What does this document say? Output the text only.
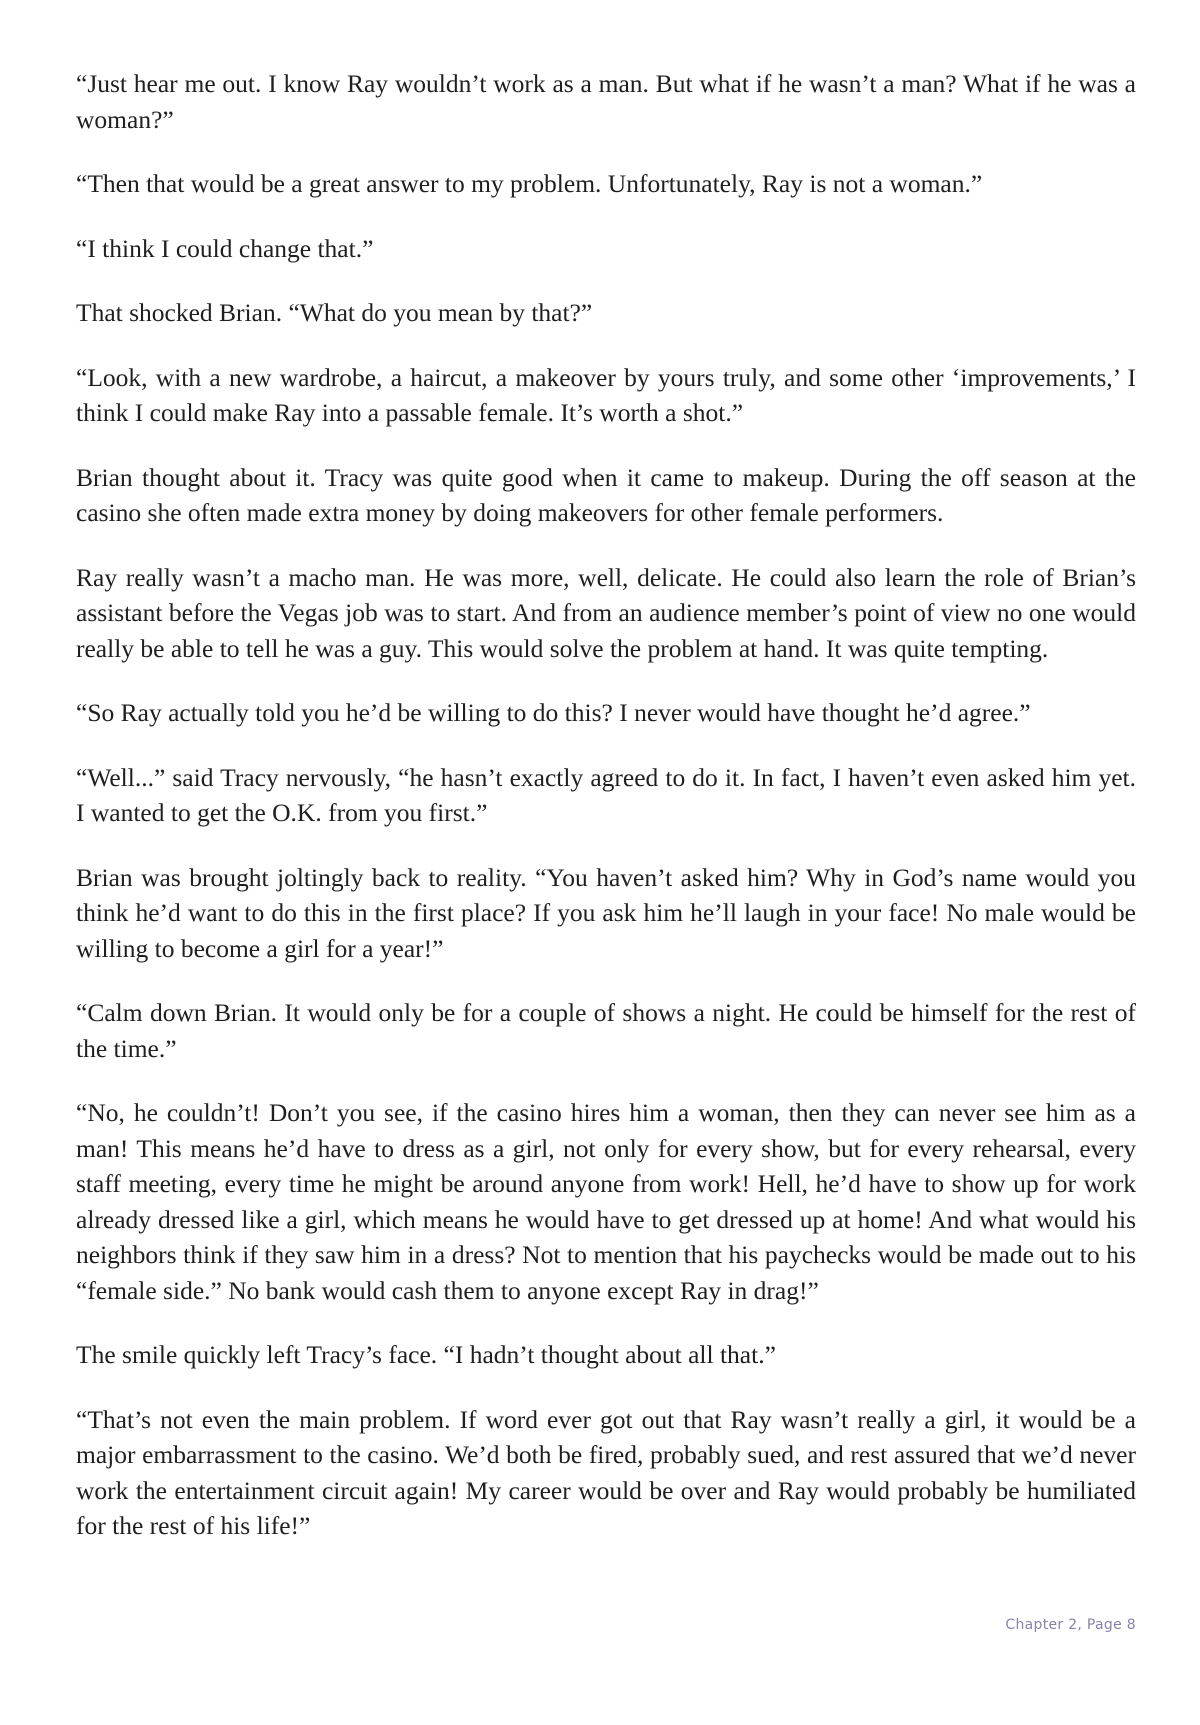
“Just hear me out. I know Ray wouldn’t work as a man. But what if he wasn’t a man? What if he was a woman?”

“Then that would be a great answer to my problem. Unfortunately, Ray is not a woman.”

“I think I could change that.”

That shocked Brian. “What do you mean by that?”

“Look, with a new wardrobe, a haircut, a makeover by yours truly, and some other ‘improvements,’ I think I could make Ray into a passable female. It’s worth a shot.”

Brian thought about it. Tracy was quite good when it came to makeup. During the off season at the casino she often made extra money by doing makeovers for other female performers.

Ray really wasn’t a macho man. He was more, well, delicate. He could also learn the role of Brian’s assistant before the Vegas job was to start. And from an audience member’s point of view no one would really be able to tell he was a guy. This would solve the problem at hand. It was quite tempting.

“So Ray actually told you he’d be willing to do this? I never would have thought he’d agree.”

“Well...” said Tracy nervously, “he hasn’t exactly agreed to do it. In fact, I haven’t even asked him yet. I wanted to get the O.K. from you first.”

Brian was brought joltingly back to reality. “You haven’t asked him? Why in God’s name would you think he’d want to do this in the first place? If you ask him he’ll laugh in your face! No male would be willing to become a girl for a year!”

“Calm down Brian. It would only be for a couple of shows a night. He could be himself for the rest of the time.”

“No, he couldn’t! Don’t you see, if the casino hires him a woman, then they can never see him as a man! This means he’d have to dress as a girl, not only for every show, but for every rehearsal, every staff meeting, every time he might be around anyone from work! Hell, he’d have to show up for work already dressed like a girl, which means he would have to get dressed up at home! And what would his neighbors think if they saw him in a dress? Not to mention that his paychecks would be made out to his “female side.” No bank would cash them to anyone except Ray in drag!”

The smile quickly left Tracy’s face. “I hadn’t thought about all that.”

“That’s not even the main problem. If word ever got out that Ray wasn’t really a girl, it would be a major embarrassment to the casino. We’d both be fired, probably sued, and rest assured that we’d never work the entertainment circuit again! My career would be over and Ray would probably be humiliated for the rest of his life!”

Chapter 2, Page 8
